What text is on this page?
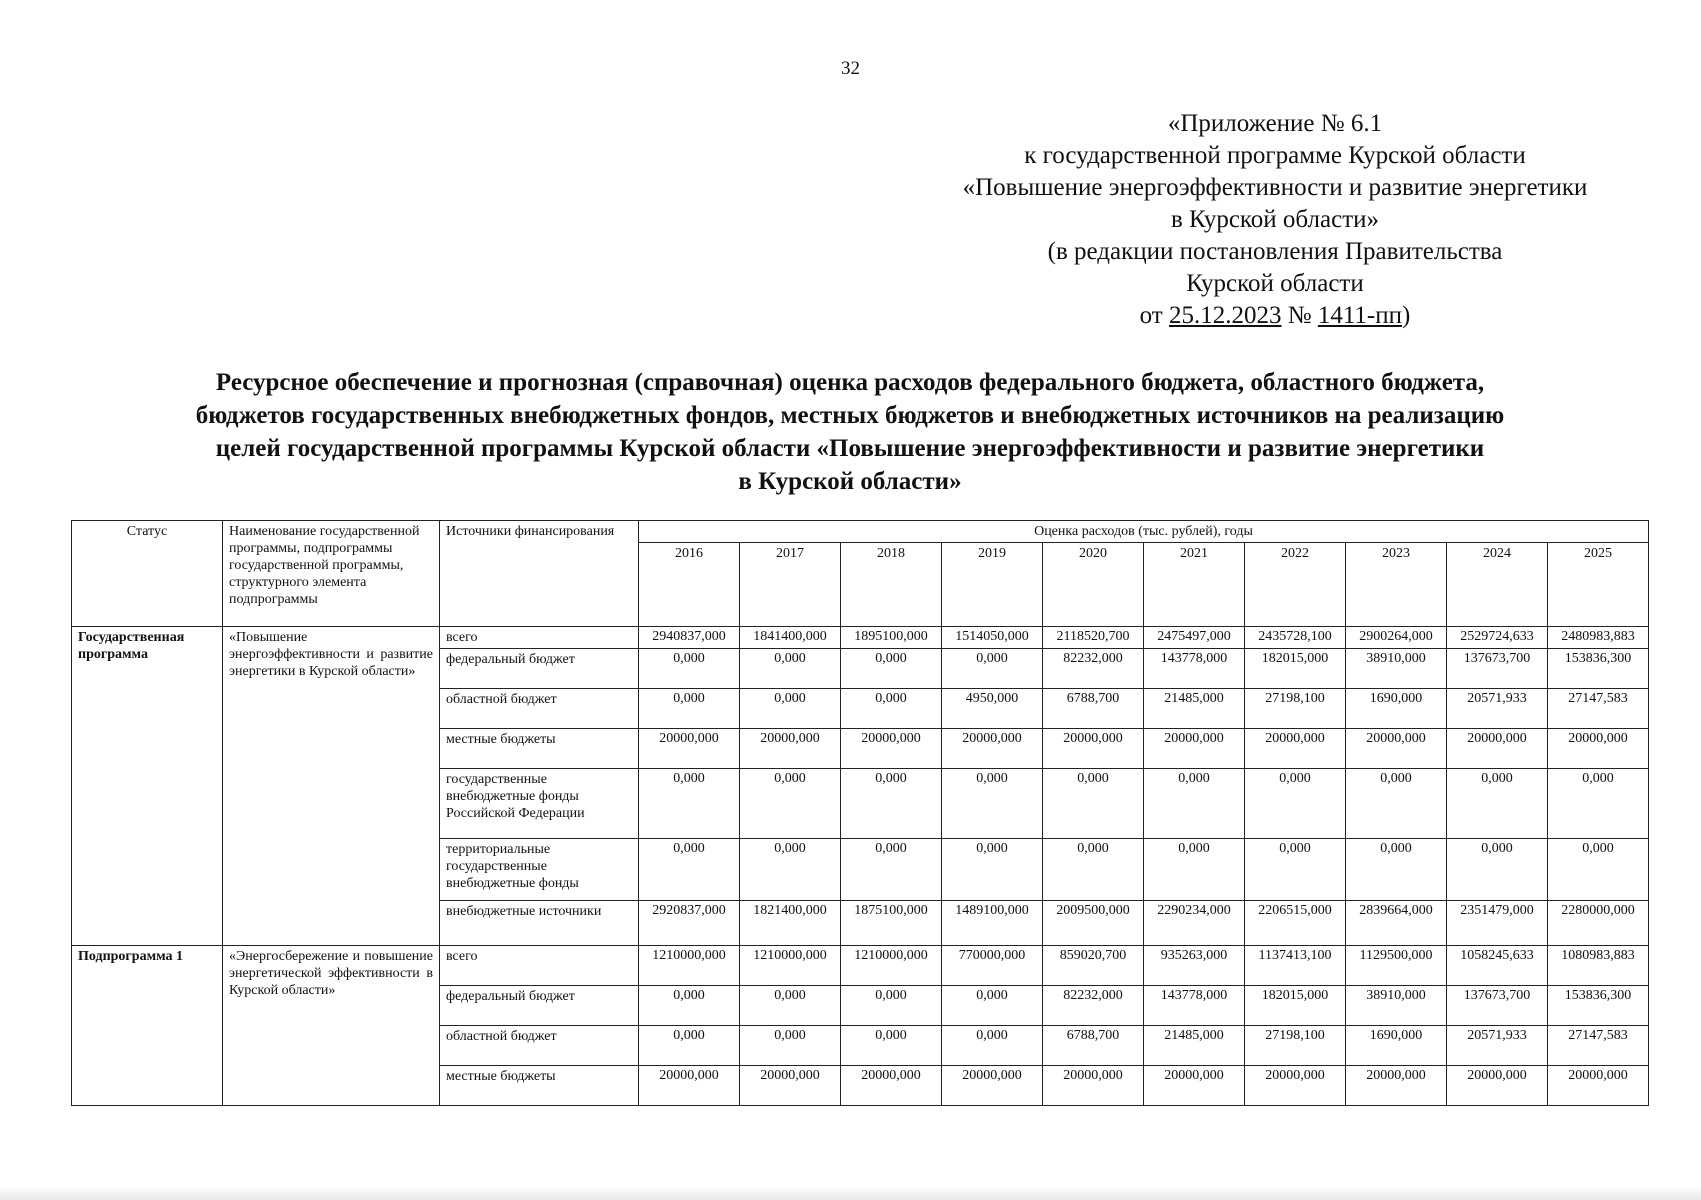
32
«Приложение № 6.1
к государственной программе Курской области
«Повышение энергоэффективности и развитие энергетики
в Курской области»
(в редакции постановления Правительства
Курской области
от 25.12.2023 № 1411-пп)
Ресурсное обеспечение и прогнозная (справочная) оценка расходов федерального бюджета, областного бюджета,
бюджетов государственных внебюджетных фондов, местных бюджетов и внебюджетных источников на реализацию
целей государственной программы Курской области «Повышение энергоэффективности и развитие энергетики
в Курской области»
Статус	Наименование государственной программы, подпрограммы государственной программы, структурного элемента подпрограммы	Источники финансирования	Оценка расходов (тыс. рублей), годы									
			2016	2017	2018	2019	2020	2021	2022	2023	2024	2025
Государственная программа	«Повышение энергоэффективности и развитие энергетики в Курской области»	всего	2940837,000	1841400,000	1895100,000	1514050,000	2118520,700	2475497,000	2435728,100	2900264,000	2529724,633	2480983,883
		федеральный бюджет	0,000	0,000	0,000	0,000	82232,000	143778,000	182015,000	38910,000	137673,700	153836,300
		областной бюджет	0,000	0,000	0,000	4950,000	6788,700	21485,000	27198,100	1690,000	20571,933	27147,583
		местные бюджеты	20000,000	20000,000	20000,000	20000,000	20000,000	20000,000	20000,000	20000,000	20000,000	20000,000
		государственные внебюджетные фонды Российской Федерации	0,000	0,000	0,000	0,000	0,000	0,000	0,000	0,000	0,000	0,000
		территориальные государственные внебюджетные фонды	0,000	0,000	0,000	0,000	0,000	0,000	0,000	0,000	0,000	0,000
		внебюджетные источники	2920837,000	1821400,000	1875100,000	1489100,000	2009500,000	2290234,000	2206515,000	2839664,000	2351479,000	2280000,000
Подпрограмма 1	«Энергосбережение и повышение энергетической эффективности в Курской области»	всего	1210000,000	1210000,000	1210000,000	770000,000	859020,700	935263,000	1137413,100	1129500,000	1058245,633	1080983,883
		федеральный бюджет	0,000	0,000	0,000	0,000	82232,000	143778,000	182015,000	38910,000	137673,700	153836,300
		областной бюджет	0,000	0,000	0,000	0,000	6788,700	21485,000	27198,100	1690,000	20571,933	27147,583
		местные бюджеты	20000,000	20000,000	20000,000	20000,000	20000,000	20000,000	20000,000	20000,000	20000,000	20000,000
